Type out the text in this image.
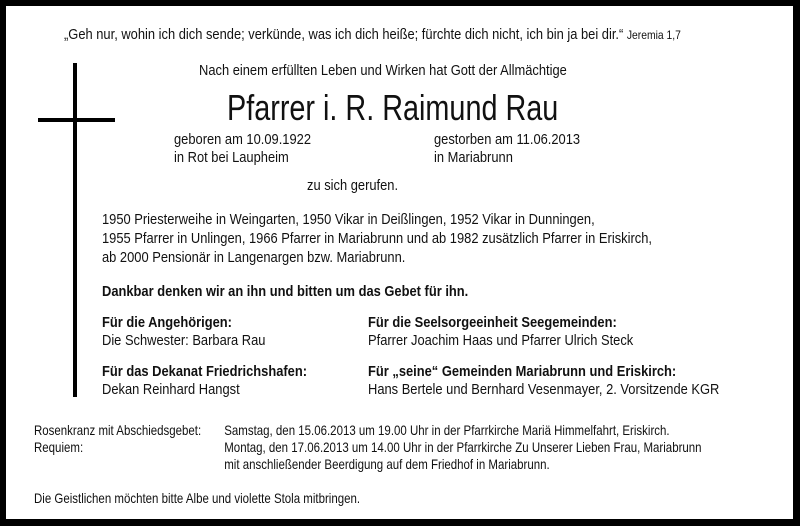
„Geh nur, wohin ich dich sende; verkünde, was ich dich heiße; fürchte dich nicht, ich bin ja bei dir.“ Jeremia 1,7
Nach einem erfüllten Leben und Wirken hat Gott der Allmächtige
Pfarrer i. R. Raimund Rau
geboren am 10.09.1922
in Rot bei Laupheim
gestorben am 11.06.2013
in Mariabrunn
zu sich gerufen.
1950 Priesterweihe in Weingarten, 1950 Vikar in Deißlingen, 1952 Vikar in Dunningen,
1955 Pfarrer in Unlingen, 1966 Pfarrer in Mariabrunn und ab 1982 zusätzlich Pfarrer in Eriskirch,
ab 2000 Pensionär in Langenargen bzw. Mariabrunn.
Dankbar denken wir an ihn und bitten um das Gebet für ihn.
Für die Angehörigen:
Die Schwester: Barbara Rau
Für die Seelsorgeeinheit Seegemeinden:
Pfarrer Joachim Haas und Pfarrer Ulrich Steck
Für das Dekanat Friedrichshafen:
Dekan Reinhard Hangst
Für „seine“ Gemeinden Mariabrunn und Eriskirch:
Hans Bertele und Bernhard Vesenmayer, 2. Vorsitzende KGR
Rosenkranz mit Abschiedsgebet:	Samstag, den 15.06.2013 um 19.00 Uhr in der Pfarrkirche Mariä Himmelfahrt, Eriskirch.
Requiem:	Montag, den 17.06.2013 um 14.00 Uhr in der Pfarrkirche Zu Unserer Lieben Frau, Mariabrunn
mit anschließender Beerdigung auf dem Friedhof in Mariabrunn.
Die Geistlichen möchten bitte Albe und violette Stola mitbringen.
